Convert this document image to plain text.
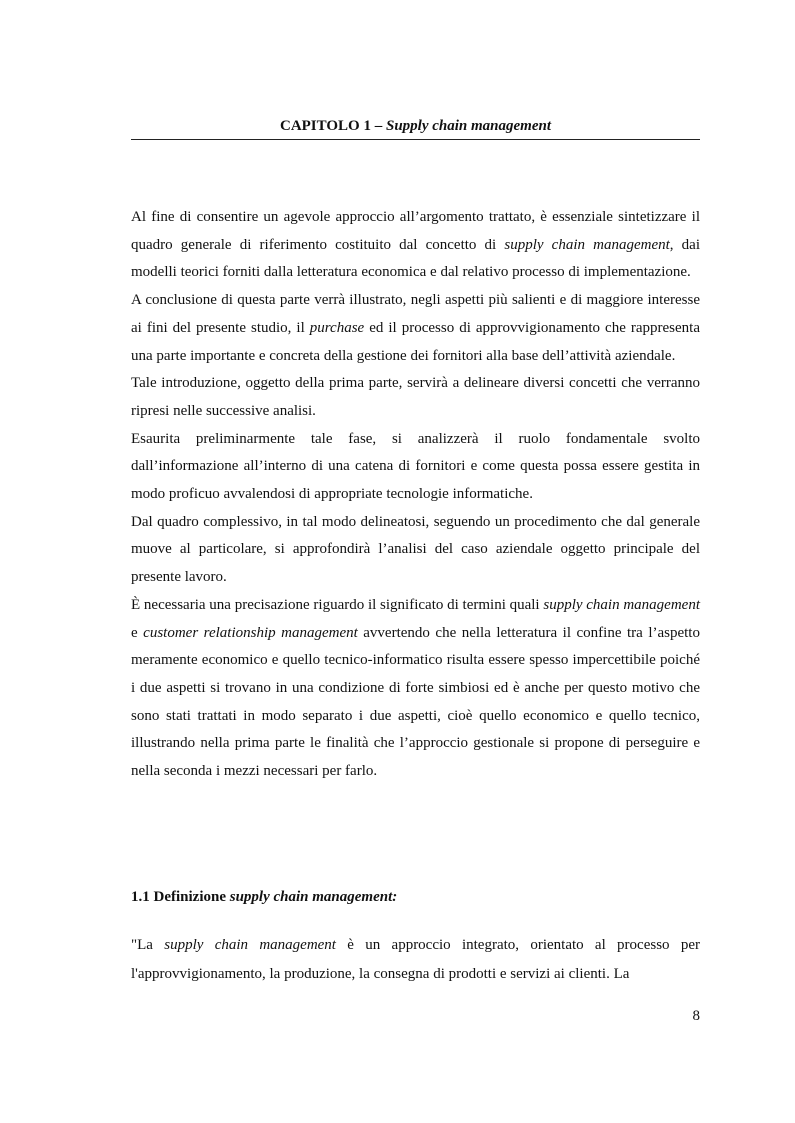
CAPITOLO 1 – Supply chain management

Al fine di consentire un agevole approccio all’argomento trattato, è essenziale sintetizzare il quadro generale di riferimento costituito dal concetto di supply chain management, dai modelli teorici forniti dalla letteratura economica e dal relativo processo di implementazione.

A conclusione di questa parte verrà illustrato, negli aspetti più salienti e di maggiore interesse ai fini del presente studio, il purchase ed il processo di approvvigionamento che rappresenta una parte importante e concreta della gestione dei fornitori alla base dell’attività aziendale.

Tale introduzione, oggetto della prima parte, servirà a delineare diversi concetti che verranno ripresi nelle successive analisi.

Esaurita preliminarmente tale fase, si analizzerà il ruolo fondamentale svolto dall’informazione all’interno di una catena di fornitori e come questa possa essere gestita in modo proficuo avvalendosi di appropriate tecnologie informatiche.

Dal quadro complessivo, in tal modo delineatosi, seguendo un procedimento che dal generale muove al particolare, si approfondirà l’analisi del caso aziendale oggetto principale del presente lavoro.

È necessaria una precisazione riguardo il significato di termini quali supply chain management e customer relationship management avvertendo che nella letteratura il confine tra l’aspetto meramente economico e quello tecnico-informatico risulta essere spesso impercettibile poiché i due aspetti si trovano in una condizione di forte simbiosi ed è anche per questo motivo che sono stati trattati in modo separato i due aspetti, cioè quello economico e quello tecnico, illustrando nella prima parte le finalità che l’approccio gestionale si propone di perseguire e nella seconda i mezzi necessari per farlo.

1.1 Definizione supply chain management:

"La supply chain management è un approccio integrato, orientato al processo per l'approvvigionamento, la produzione, la consegna di prodotti e servizi ai clienti. La

8
